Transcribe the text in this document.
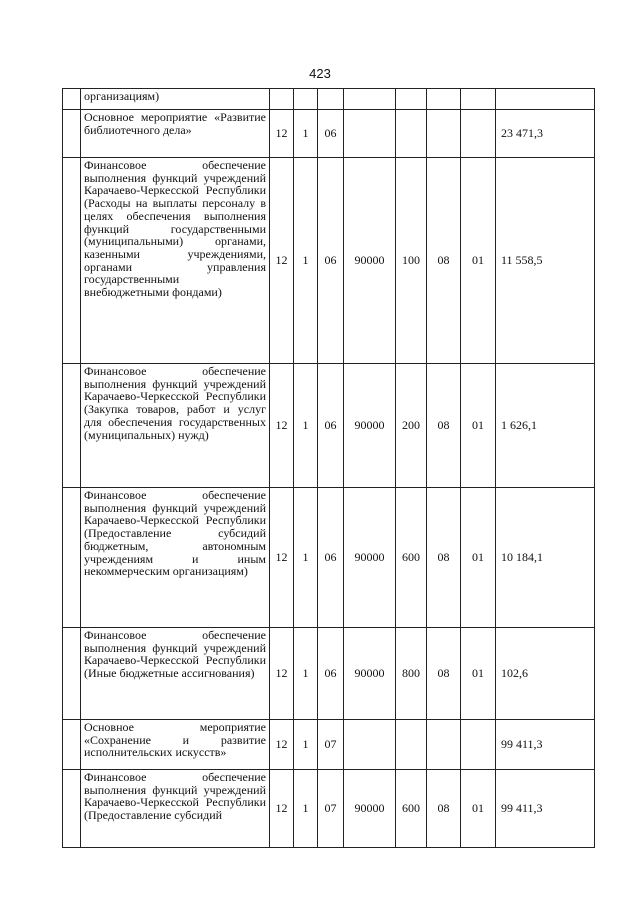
423
	организациям)								
	Основное мероприятие «Развитие библиотечного дела»	12	1	06					23 471,3
	Финансовое обеспечение выполнения функций учреждений Карачаево-Черкесской Республики (Расходы на выплаты персоналу в целях обеспечения выполнения функций государственными (муниципальными) органами, казенными учреждениями, органами управления государственными внебюджетными фондами)	12	1	06	90000	100	08	01	11 558,5
	Финансовое обеспечение выполнения функций учреждений Карачаево-Черкесской Республики (Закупка товаров, работ и услуг для обеспечения государственных (муниципальных) нужд)	12	1	06	90000	200	08	01	1 626,1
	Финансовое обеспечение выполнения функций учреждений Карачаево-Черкесской Республики (Предоставление субсидий бюджетным, автономным учреждениям и иным некоммерческим организациям)	12	1	06	90000	600	08	01	10 184,1
	Финансовое обеспечение выполнения функций учреждений Карачаево-Черкесской Республики (Иные бюджетные ассигнования)	12	1	06	90000	800	08	01	102,6
	Основное мероприятие «Сохранение и развитие исполнительских искусств»	12	1	07					99 411,3
	Финансовое обеспечение выполнения функций учреждений Карачаево-Черкесской Республики (Предоставление субсидий	12	1	07	90000	600	08	01	99 411,3
